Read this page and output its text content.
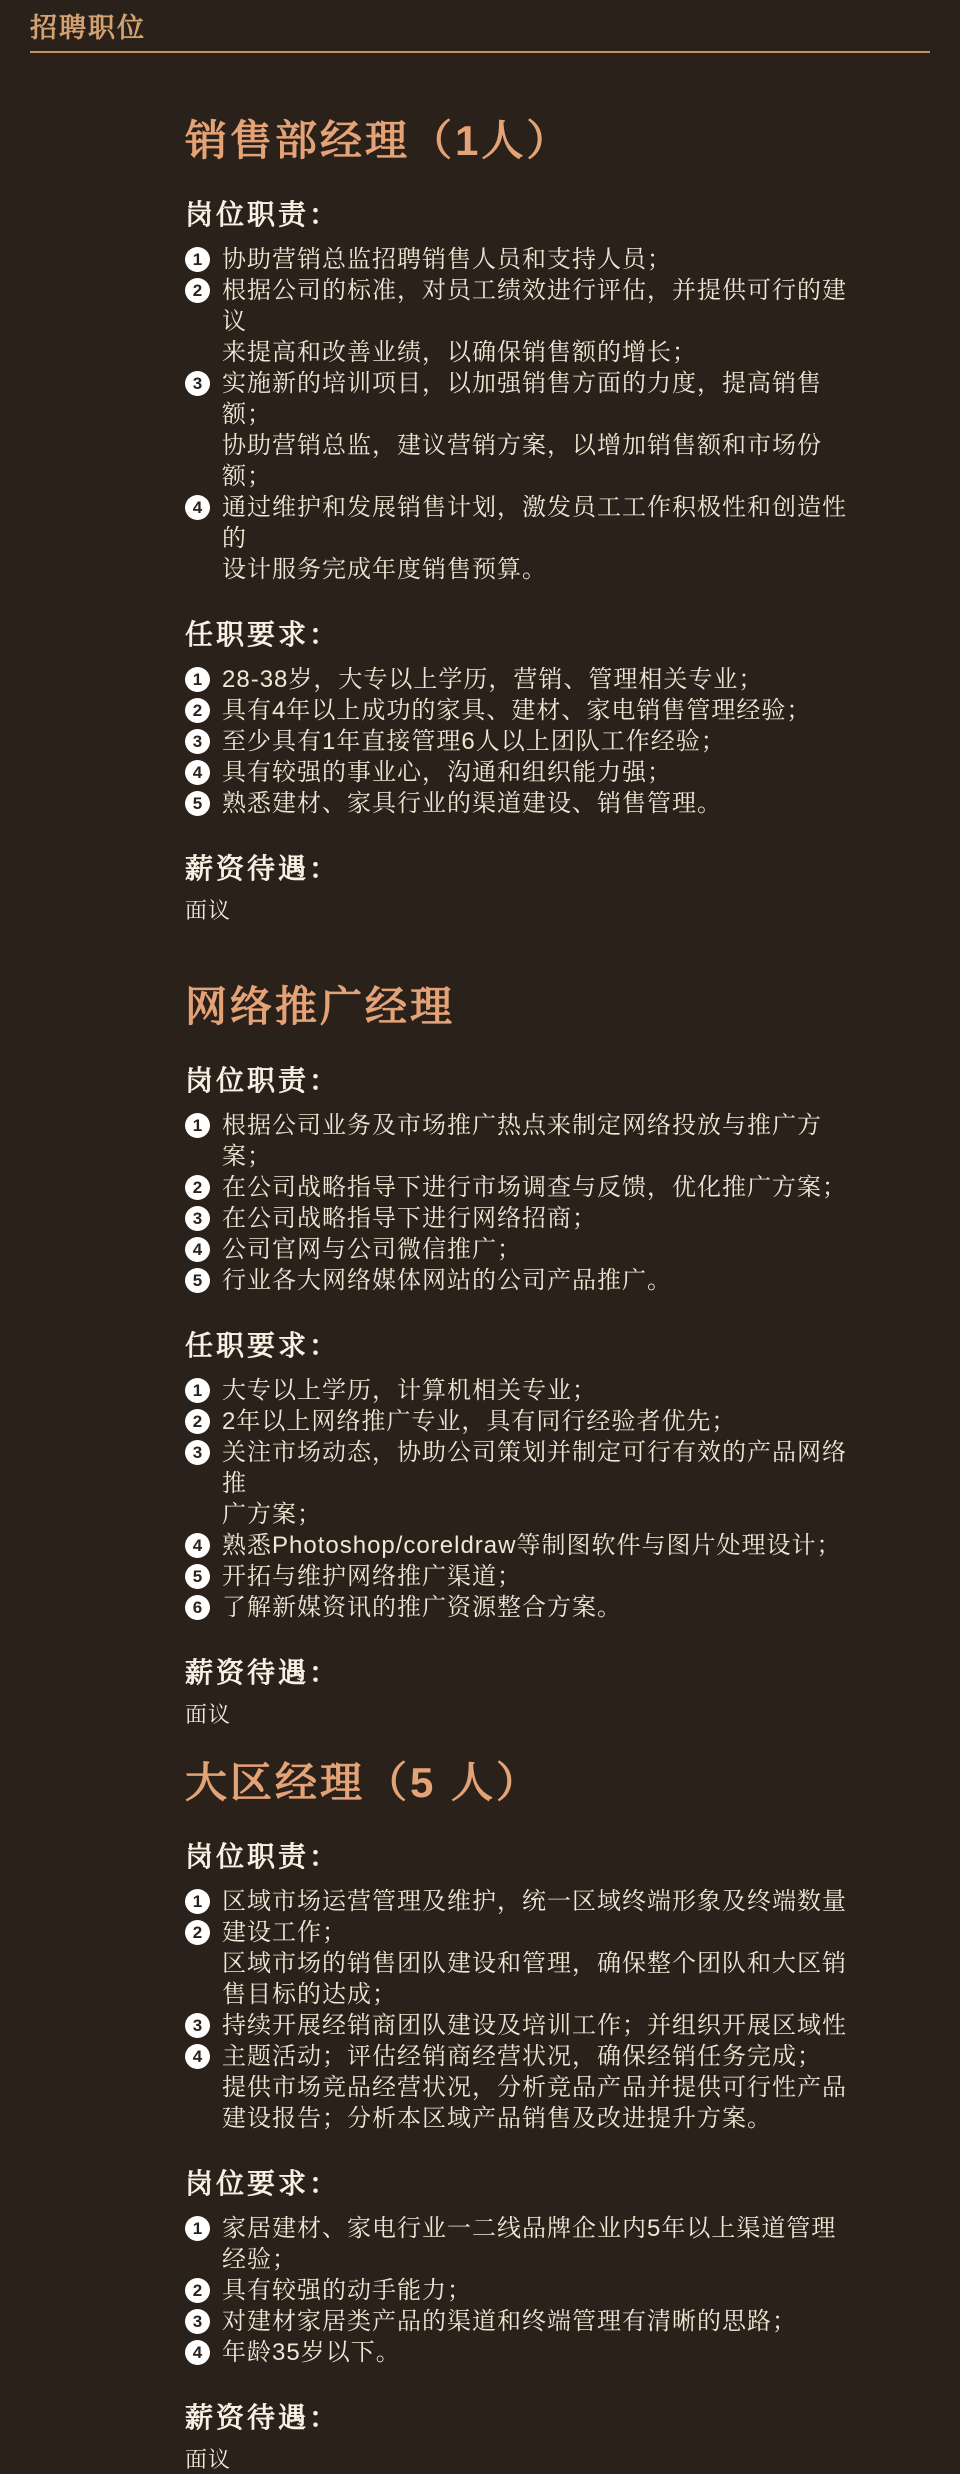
招聘职位
销售部经理（1人）
岗位职责：
1 协助营销总监招聘销售人员和支持人员；
2 根据公司的标准，对员工绩效进行评估，并提供可行的建议
来提高和改善业绩，以确保销售额的增长；
3 实施新的培训项目，以加强销售方面的力度，提高销售额；
协助营销总监，建议营销方案，以增加销售额和市场份额；
4 通过维护和发展销售计划，激发员工工作积极性和创造性的
设计服务完成年度销售预算。
任职要求：
1 28-38岁，大专以上学历，营销、管理相关专业；
2 具有4年以上成功的家具、建材、家电销售管理经验；
3 至少具有1年直接管理6人以上团队工作经验；
4 具有较强的事业心，沟通和组织能力强；
5 熟悉建材、家具行业的渠道建设、销售管理。
薪资待遇：
面议
网络推广经理
岗位职责：
1 根据公司业务及市场推广热点来制定网络投放与推广方案；
2 在公司战略指导下进行市场调查与反馈，优化推广方案；
3 在公司战略指导下进行网络招商；
4 公司官网与公司微信推广；
5 行业各大网络媒体网站的公司产品推广。
任职要求：
1 大专以上学历，计算机相关专业；
2 2年以上网络推广专业，具有同行经验者优先；
3 关注市场动态，协助公司策划并制定可行有效的产品网络推
广方案；
4 熟悉Photoshop/coreldraw等制图软件与图片处理设计；
5 开拓与维护网络推广渠道；
6 了解新媒资讯的推广资源整合方案。
薪资待遇：
面议
大区经理（5 人）
岗位职责：
1 区域市场运营管理及维护，统一区域终端形象及终端数量
2 建设工作；
区域市场的销售团队建设和管理，确保整个团队和大区销
售目标的达成；
3 持续开展经销商团队建设及培训工作；并组织开展区域性
4 主题活动；评估经销商经营状况，确保经销任务完成；
提供市场竞品经营状况，分析竞品产品并提供可行性产品
建设报告；分析本区域产品销售及改进提升方案。
岗位要求：
1 家居建材、家电行业一二线品牌企业内5年以上渠道管理
经验；
2 具有较强的动手能力；
3 对建材家居类产品的渠道和终端管理有清晰的思路；
4 年龄35岁以下。
薪资待遇：
面议
